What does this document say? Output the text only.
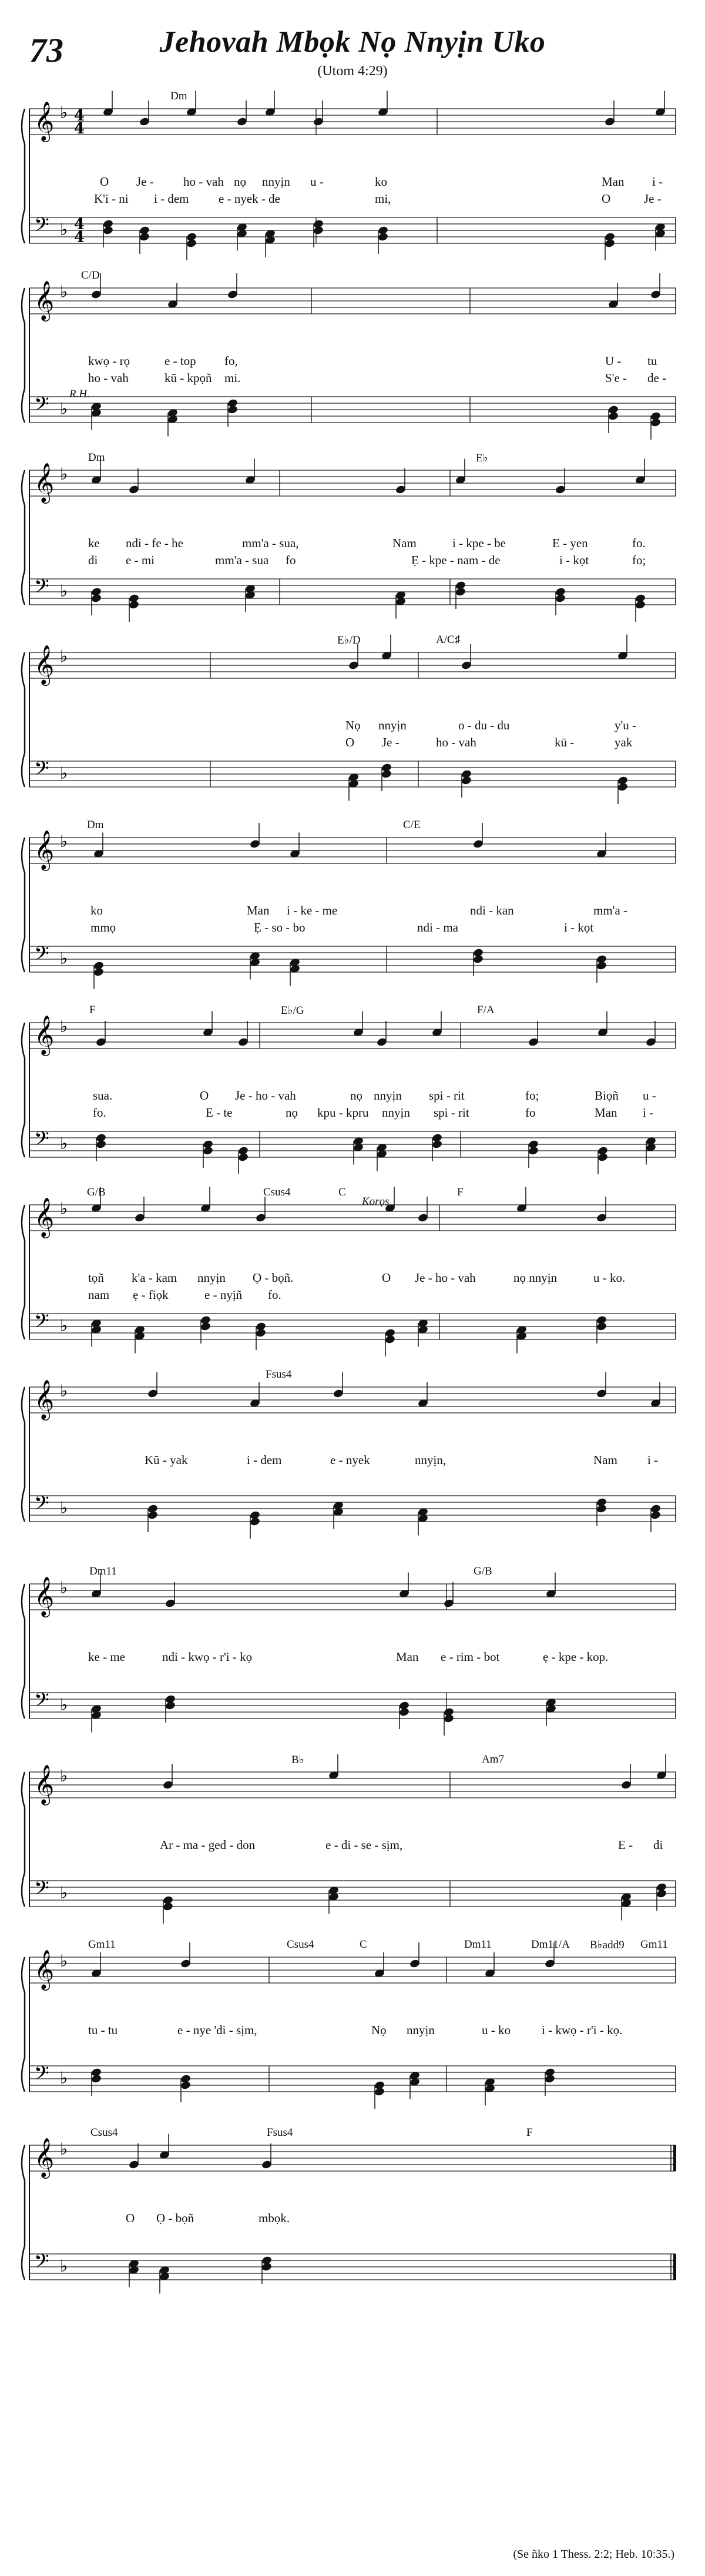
73	Jehovah Mbọk Nọ Nnyịn Uko
(Utom 4:29)
𝄞
𝄢
♭
♭
4
4
4
4
Dm
O Je - ho - vah nọ nnyịn u -	ko	Man i -
K'i - ni i - dem e - nyek - de	mi,	O	Je -
𝄞
𝄢
♭
♭
C/D
R.H.
kwọ - rọ	e - top fo,	U - tu
ho - vah	kū - kpọñ mi.	S'e - de -
𝄞
𝄢
♭
♭
Dm	E♭
ke ndi - fe - he	mm'a - sua,	Nam	i - kpe - be	E - yen	fo.
di e - mi	mm'a - sua fo	Ẹ - kpe - nam - de	i - kọt	fo;
𝄞
𝄢
♭
♭
E♭/D	A/C♯
Nọ nnyịn	o - du - du	y'u -
O Je -	ho - vah	kū -	yak
𝄞
𝄢
♭
♭
Dm	C/E
ko	Man i - ke - me	ndi - kan	mm'a -
mmọ	Ẹ - so - bo	ndi - ma	i - kọt
𝄞
𝄢
♭
♭
F	E♭/G	F/A
sua.	O Je - ho - vah	nọ nnyịn spi - rit	fo;	Biọñ u -
fo.	E - te	nọ kpu - kpru nnyịn spi - rit	fo	Man i -
𝄞
𝄢
♭
♭
G/B	Csus4	C	F
Korọs
tọñ k'a - kam nnyịn Ọ - bọñ.	O Je - ho - vah	nọ nnyịn	u - ko.
nam ẹ - fiọk	e - nyịñ fo.
𝄞
𝄢
♭
♭
Fsus4
Kū - yak	i - dem	e - nyek	nnyịn,	Nam i -
𝄞
𝄢
♭
♭
Dm11	G/B
ke - me	ndi - kwọ - r'i - kọ	Man e - rim - bot	ẹ - kpe - kop.
𝄞
𝄢
♭
♭
B♭	Am7
Ar - ma - ged - don	e - di - se - sịm,	E - di
𝄞
𝄢
♭
♭
Gm11	Csus4	C	Dm11	Dm11/A B♭add9 Gm11
tu - tu	e - nye 'di - sịm,	Nọ nnyịn	u - ko	i - kwọ - r'i - kọ.
𝄞
𝄢
♭
♭
Csus4	Fsus4	F
O Ọ - bọñ	mbọk.
(Se ñko 1 Thess. 2:2; Heb. 10:35.)
